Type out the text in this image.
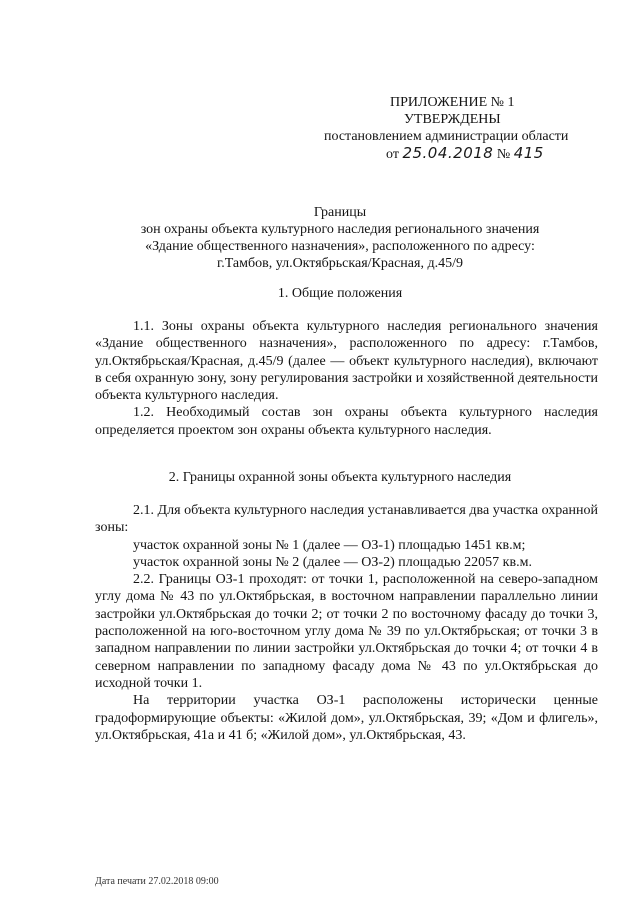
ПРИЛОЖЕНИЕ № 1
УТВЕРЖДЕНЫ
постановлением администрации области
от 25.04.2018 № 415
Границы
зон охраны объекта культурного наследия регионального значения
«Здание общественного назначения», расположенного по адресу:
г.Тамбов, ул.Октябрьская/Красная, д.45/9
1. Общие положения

1.1. Зоны охраны объекта культурного наследия регионального значения «Здание общественного назначения», расположенного по адресу: г.Тамбов, ул.Октябрьская/Красная, д.45/9 (далее — объект культурного наследия), включают в себя охранную зону, зону регулирования застройки и хозяйственной деятельности объекта культурного наследия.

1.2. Необходимый состав зон охраны объекта культурного наследия определяется проектом зон охраны объекта культурного наследия.

2. Границы охранной зоны объекта культурного наследия

2.1. Для объекта культурного наследия устанавливается два участка охранной зоны:

участок охранной зоны № 1 (далее — ОЗ-1) площадью 1451 кв.м;

участок охранной зоны № 2 (далее — ОЗ-2) площадью 22057 кв.м.

2.2. Границы ОЗ-1 проходят: от точки 1, расположенной на северо-западном углу дома № 43 по ул.Октябрьская, в восточном направлении параллельно линии застройки ул.Октябрьская до точки 2; от точки 2 по восточному фасаду до точки 3, расположенной на юго-восточном углу дома № 39 по ул.Октябрьская; от точки 3 в западном направлении по линии застройки ул.Октябрьская до точки 4; от точки 4 в северном направлении по западному фасаду дома № 43 по ул.Октябрьская до исходной точки 1.

На территории участка ОЗ-1 расположены исторически ценные градоформирующие объекты: «Жилой дом», ул.Октябрьская, 39; «Дом и флигель», ул.Октябрьская, 41а и 41 б; «Жилой дом», ул.Октябрьская, 43.

Дата печати 27.02.2018 09:00
